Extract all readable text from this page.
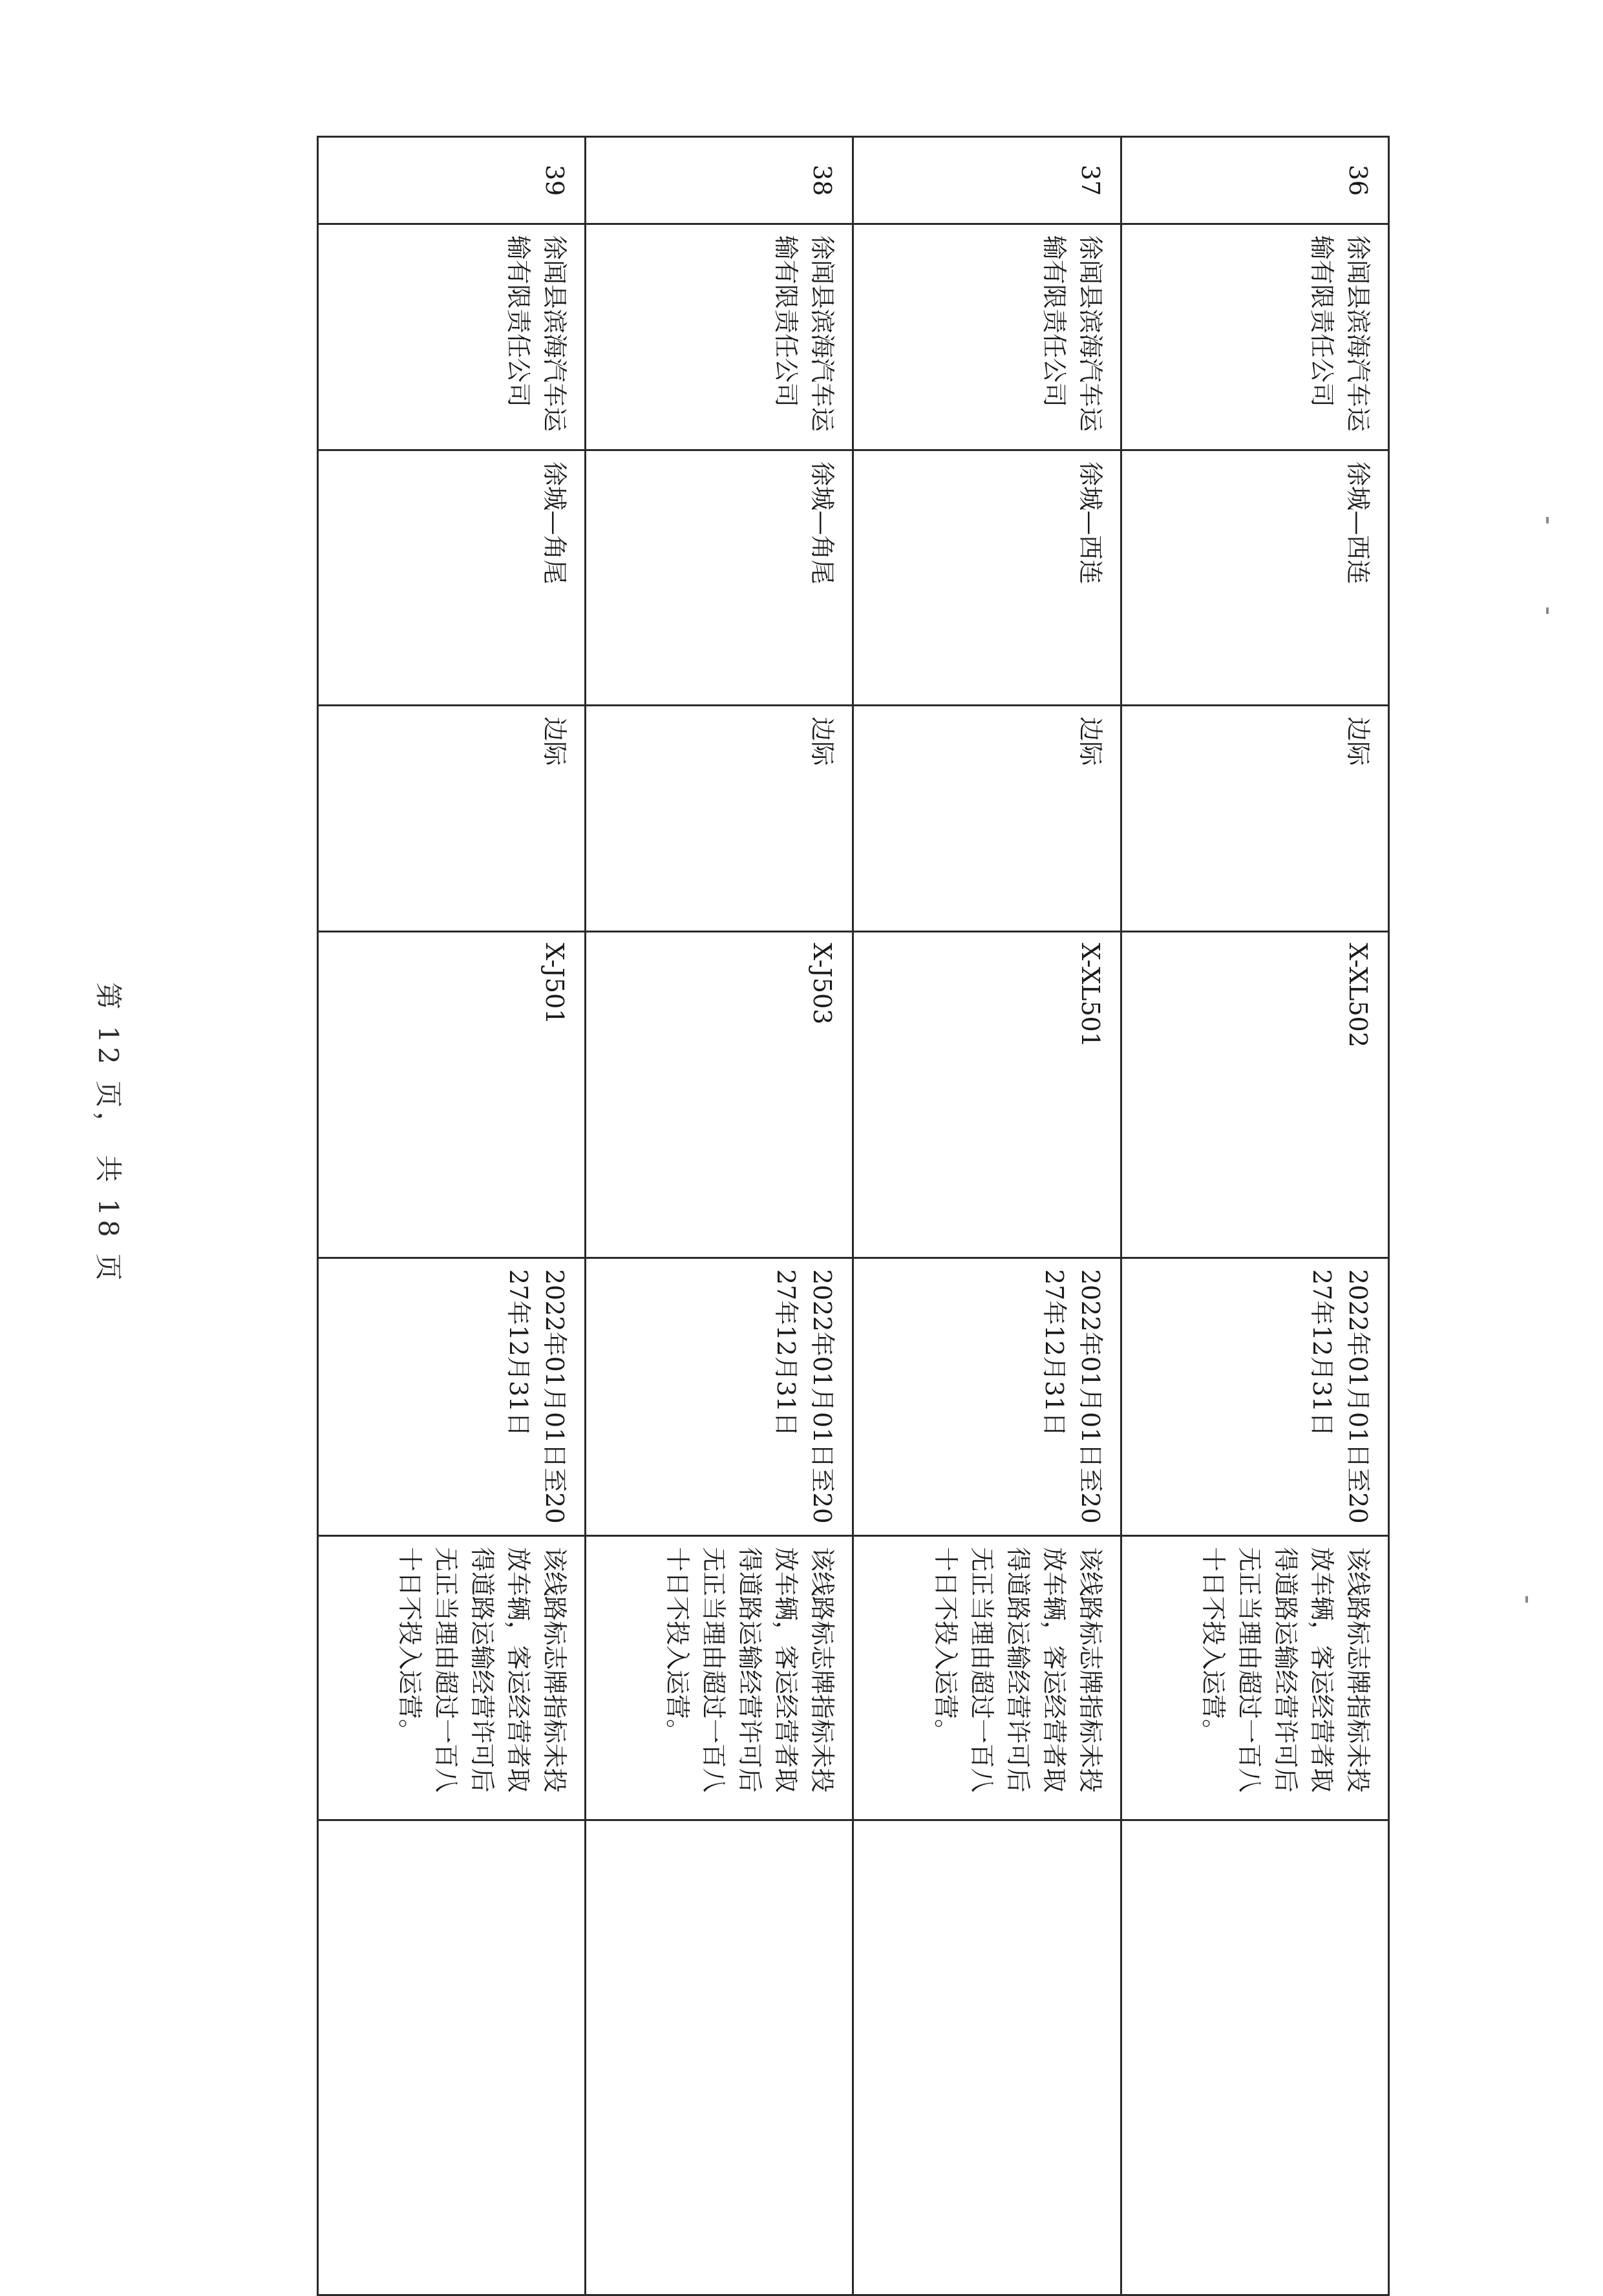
36	徐闻县滨海汽车运输有限责任公司	徐城—西连	边际	X-XL502	2022年01月01日至2027年12月31日	该线路标志牌指标未投放车辆，客运经营者取得道路运输经营许可后无正当理由超过一百八十日不投入运营。	
37	徐闻县滨海汽车运输有限责任公司	徐城—西连	边际	X-XL501	2022年01月01日至2027年12月31日	该线路标志牌指标未投放车辆，客运经营者取得道路运输经营许可后无正当理由超过一百八十日不投入运营。	
38	徐闻县滨海汽车运输有限责任公司	徐城—角尾	边际	X-J503	2022年01月01日至2027年12月31日	该线路标志牌指标未投放车辆，客运经营者取得道路运输经营许可后无正当理由超过一百八十日不投入运营。	
39	徐闻县滨海汽车运输有限责任公司	徐城—角尾	边际	X-J501	2022年01月01日至2027年12月31日	该线路标志牌指标未投放车辆，客运经营者取得道路运输经营许可后无正当理由超过一百八十日不投入运营。	
第 12 页， 共 18 页
